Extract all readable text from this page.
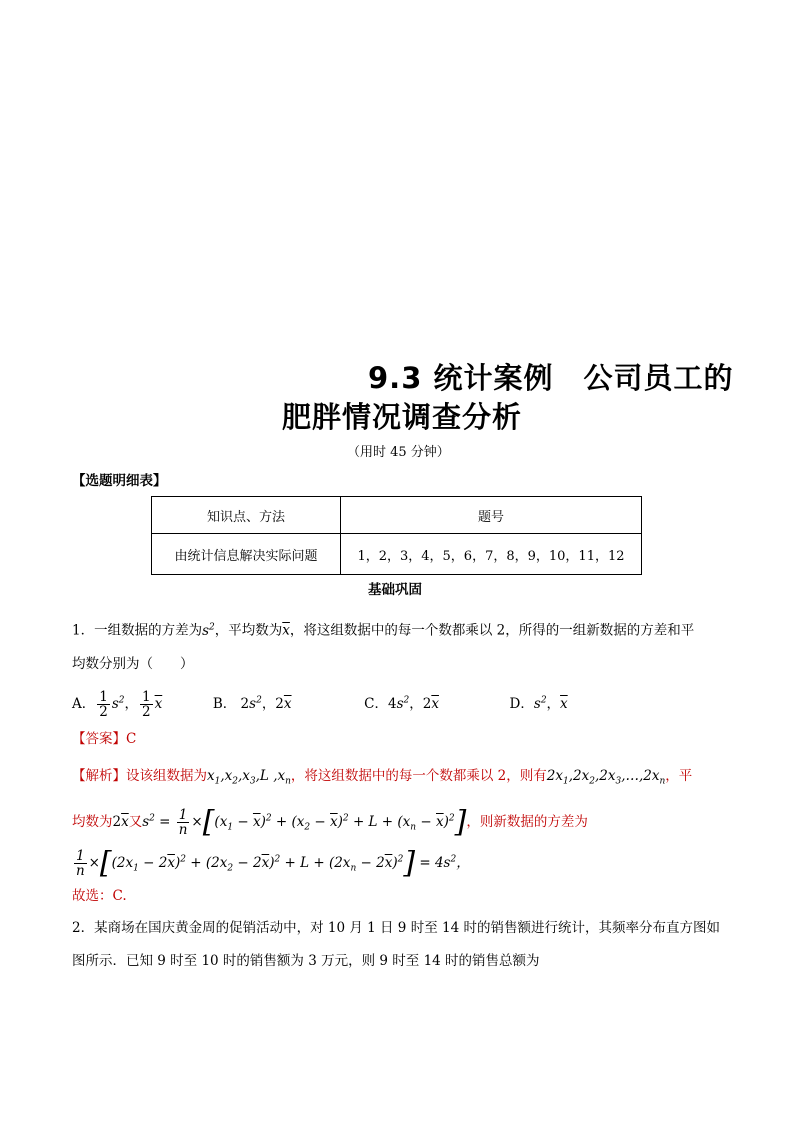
9.3 统计案例　公司员工的
肥胖情况调查分析
（用时 45 分钟）
【选题明细表】
知识点、方法	题号
由统计信息解决实际问题	1，2，3，4，5，6，7，8，9，10，11，12
基础巩固
1．一组数据的方差为$s^2$，平均数为$\overline{x}$，将这组数据中的每一个数都乘以 2，所得的一组新数据的方差和平
均数分别为（　　）
A． $\frac{1}{2} s^2$， $\frac{1}{2} \overline{x}$	B． $2s^2$，$2\overline{x}$	C．$4s^2$，$2\overline{x}$	D．$s^2$，$\overline{x}$
【答案】C
【解析】设该组数据为$x_1,x_2,x_3,L$ $,x_n$，将这组数据中的每一个数都乘以 2，则有$2x_1,2x_2,2x_3,\dots,2x_n$，平
均数为$2\overline{x}$又$s^2 = \frac{1}{n} \times[(x_1 - \overline{x})^2 + (x_2 - \overline{x})^2 + L + (x_n - \overline{x})^2]$，则新数据的方差为
$\frac{1}{n} \times[(2x_1 - 2\overline{x})^2 + (2x_2 - 2\overline{x})^2 + L + (2x_n - 2\overline{x})^2] = 4s^2$，
故选：C.
2．某商场在国庆黄金周的促销活动中，对 10 月 1 日 9 时至 14 时的销售额进行统计，其频率分布直方图如
图所示．已知 9 时至 10 时的销售额为 3 万元，则 9 时至 14 时的销售总额为
